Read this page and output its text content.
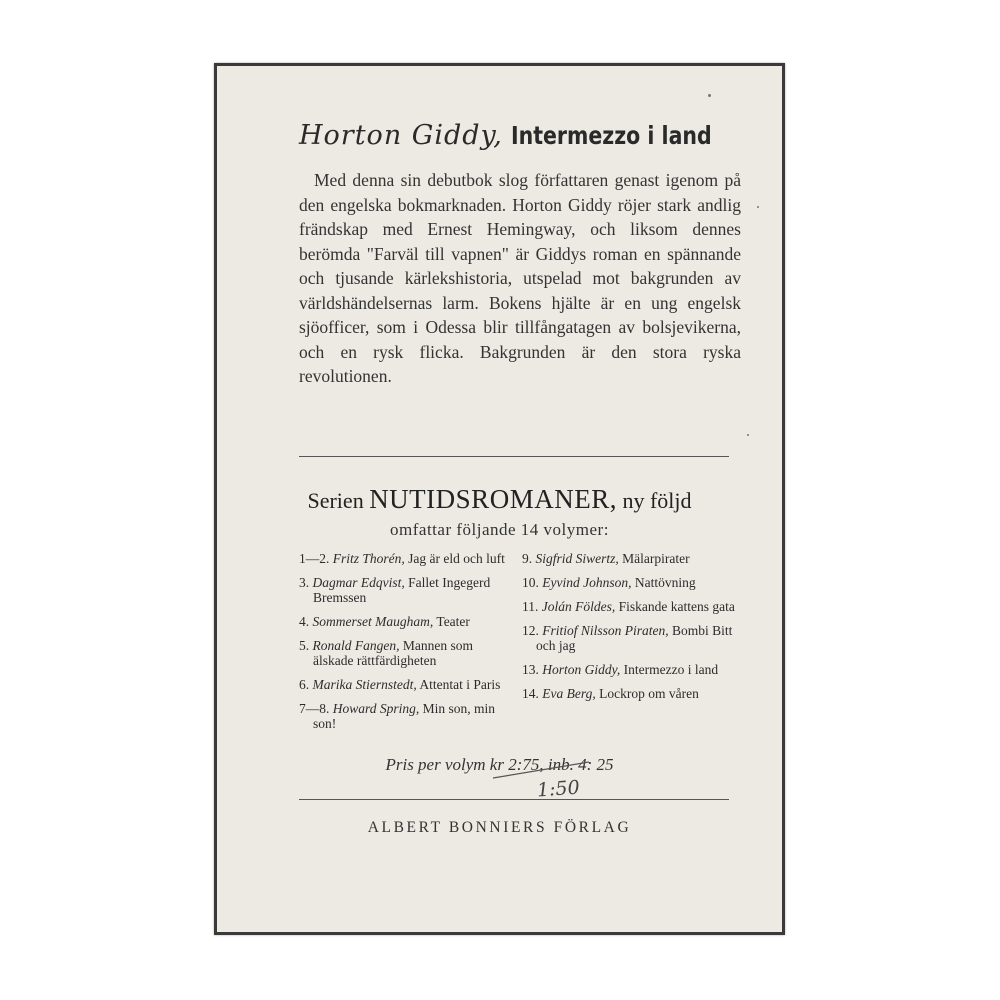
Horton Giddy, Intermezzo i land
Med denna sin debutbok slog författaren genast igenom på den engelska bokmarknaden. Horton Giddy röjer stark andlig frändskap med Ernest Hemingway, och liksom dennes berömda "Farväl till vapnen" är Giddys roman en spännande och tjusande kärlekshistoria, utspelad mot bakgrunden av världshändelsernas larm. Bokens hjälte är en ung engelsk sjöofficer, som i Odessa blir tillfångatagen av bolsjevikerna, och en rysk flicka. Bakgrunden är den stora ryska revolutionen.
Serien NUTIDSROMANER, ny följd
omfattar följande 14 volymer:
1—2. Fritz Thorén, Jag är eld och luft
3. Dagmar Edqvist, Fallet Ingegerd Bremssen
4. Sommerset Maugham, Teater
5. Ronald Fangen, Mannen som älskade rättfärdigheten
6. Marika Stiernstedt, Attentat i Paris
7—8. Howard Spring, Min son, min son!
9. Sigfrid Siwertz, Mälarpirater
10. Eyvind Johnson, Nattövning
11. Jolán Földes, Fiskande kattens gata
12. Fritiof Nilsson Piraten, Bombi Bitt och jag
13. Horton Giddy, Intermezzo i land
14. Eva Berg, Lockrop om våren
Pris per volym kr 2:75, inb. 4: 25
1:50
ALBERT BONNIERS FÖRLAG
